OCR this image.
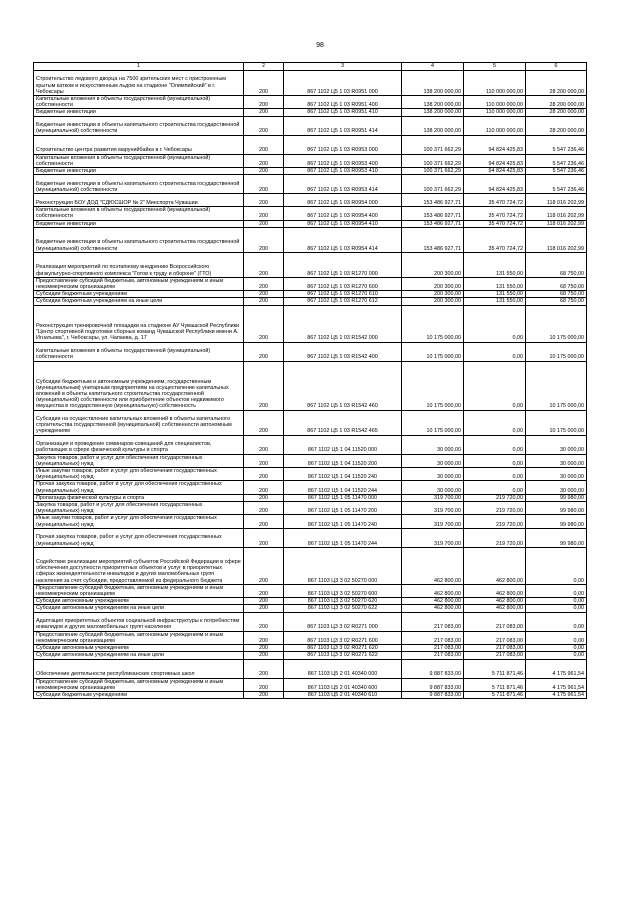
98
1	2	3	4	5	6
Строительство ледового дворца на 7500 зрительских мест с пристроенным крытым катком и искусственным льдом на стадионе "Олимпийский" в г. Чебоксары	200	867 1102 Ц5 1 03 R0951 000	138 200 000,00	110 000 000,00	28 200 000,00
Капитальные вложения в объекты государственной (муниципальной) собственности	200	867 1102 Ц5 1 03 R0951 400	138 200 000,00	110 000 000,00	28 200 000,00
Бюджетные инвестиции	200	867 1102 Ц5 1 03 R0951 410	138 200 000,00	110 000 000,00	28 200 000,00
Бюджетные инвестиции в объекты капитального строительства государственной (муниципальной) собственности	200	867 1102 Ц5 1 03 R0951 414	138 200 000,00	110 000 000,00	28 200 000,00
Строительство центра развития марунийбайка в г. Чебоксары	200	867 1102 Ц5 1 03 R0953 000	100 371 662,29	94 824 425,83	5 547 236,46
Капитальные вложения в объекты государственной (муниципальной) собственности	200	867 1102 Ц5 1 03 R0953 400	100 371 662,29	94 824 425,83	5 547 236,46
Бюджетные инвестиции	200	867 1102 Ц5 1 03 R0953 410	100 371 662,29	94 824 425,83	5 547 236,46
Бюджетные инвестиции в объекты капитального строительства государственной (муниципальной) собственности	200	867 1102 Ц5 1 03 R0953 414	100 371 662,29	94 824 425,83	5 547 236,46
Реконструкция БОУ ДОД "СДЮСШОР № 2" Минспорта Чувашии	200	867 1102 Ц5 1 03 R0954 000	153 486 927,71	35 470 724,72	118 016 202,99
Капитальные вложения в объекты государственной (муниципальной) собственности	200	867 1102 Ц5 1 03 R0954 400	153 486 927,71	35 470 724,72	118 016 202,99
Бюджетные инвестиции	200	867 1102 Ц5 1 03 R0954 410	153 486 927,71	35 470 724,72	118 016 202,99
Бюджетные инвестиции в объекты капитального строительства государственной (муниципальной) собственности	200	867 1102 Ц5 1 03 R0954 414	153 486 927,71	35 470 724,72	118 016 202,99
Реализация мероприятий по поэтапному внедрению Всероссийского физкультурно-спортивного комплекса "Готов к труду и обороне" (ГТО)	200	867 1102 Ц5 1 03 R1270 000	200 300,00	131 550,00	68 750,00
Предоставление субсидий бюджетным, автономным учреждениям и иным некоммерческим организациям	200	867 1102 Ц5 1 03 R1270 600	200 300,00	131 550,00	68 750,00
Субсидии бюджетным учреждениям	200	867 1102 Ц5 1 03 R1270 610	200 300,00	131 550,00	68 750,00
Субсидии бюджетным учреждениям на иные цели	200	867 1102 Ц5 1 03 R1270 612	200 300,00	131 550,00	68 750,00
Реконструкция тренировочной площадки на стадионе АУ Чувашской Республики "Центр спортивной подготовки сборных команд Чувашской Республики имени А. Игнатьева", г. Чебоксары, ул. Чапаева, д. 17	200	867 1102 Ц5 1 03 R1542 000	10 175 000,00	0,00	10 175 000,00
Капитальные вложения в объекты государственной (муниципальной) собственности	200	867 1102 Ц5 1 03 R1542 400	10 175 000,00	0,00	10 175 000,00
Субсидии бюджетным и автономным учреждениям, государственным (муниципальным) унитарным предприятиям на осуществление капитальных вложений в объекты капитального строительства государственной (муниципальной) собственности или приобретение объектов недвижимого имущества в государственную (муниципальную) собственность	200	867 1102 Ц5 1 03 R1542 460	10 175 000,00	0,00	10 175 000,00
Субсидии на осуществление капитальных вложений в объекты капитального строительства государственной (муниципальной) собственности автономным учреждениям	200	867 1102 Ц5 1 03 R1542 465	10 175 000,00	0,00	10 175 000,00
Организация и проведение семинаров-совещаний для специалистов, работающих в сфере физической культуры и спорта	200	867 1102 Ц5 1 04 11520 000	30 000,00	0,00	30 000,00
Закупка товаров, работ и услуг для обеспечения государственных (муниципальных) нужд	200	867 1102 Ц5 1 04 11520 200	30 000,00	0,00	30 000,00
Иные закупки товаров, работ и услуг для обеспечения государственных (муниципальных) нужд	200	867 1102 Ц5 1 04 11520 240	30 000,00	0,00	30 000,00
Прочая закупка товаров, работ и услуг для обеспечения государственных (муниципальных) нужд	200	867 1102 Ц5 1 04 11520 244	30 000,00	0,00	30 000,00
Пропаганда физической культуры и спорта	200	867 1102 Ц5 1 05 11470 000	319 700,00	219 720,00	99 980,00
Закупка товаров, работ и услуг для обеспечения государственных (муниципальных) нужд	200	867 1102 Ц5 1 05 11470 200	319 700,00	219 720,00	99 980,00
Иные закупки товаров, работ и услуг для обеспечения государственных (муниципальных) нужд	200	867 1102 Ц5 1 05 11470 240	319 700,00	219 720,00	99 980,00
Прочая закупка товаров, работ и услуг для обеспечения государственных (муниципальных) нужд	200	867 1102 Ц5 1 05 11470 244	319 700,00	219 720,00	99 980,00
Содействие реализации мероприятий субъектов Российской Федерации в сфере обеспечения доступности приоритетных объектов и услуг в приоритетных сферах жизнедеятельности инвалидов и других маломобильных групп населения за счет субсидии, предоставляемой из федерального бюджета	200	867 1103 Ц3 3 02 50270 000	462 800,00	462 800,00	0,00
Предоставление субсидий бюджетным, автономным учреждениям и иным некоммерческим организациям	200	867 1103 Ц3 3 02 50270 600	462 800,00	462 800,00	0,00
Субсидии автономным учреждениям	200	867 1103 Ц3 3 02 50270 620	462 800,00	462 800,00	0,00
Субсидии автономным учреждениям на иные цели	200	867 1103 Ц3 3 02 50270 622	462 800,00	462 800,00	0,00
Адаптация приоритетных объектов социальной инфраструктуры к потребностям инвалидов и других маломобильных групп населения	200	867 1103 Ц3 3 02 R0271 000	217 083,00	217 083,00	0,00
Предоставление субсидий бюджетным, автономным учреждениям и иным некоммерческим организациям	200	867 1103 Ц3 3 02 R0271 600	217 083,00	217 083,00	0,00
Субсидии автономным учреждениям	200	867 1103 Ц3 3 02 R0271 620	217 083,00	217 083,00	0,00
Субсидии автономным учреждениям на иные цели	200	867 1103 Ц3 3 02 R0271 622	217 083,00	217 083,00	0,00
Обеспечение деятельности республиканских спортивных школ	200	867 1103 Ц5 2 01 40340 000	9 887 833,00	5 711 871,46	4 175 961,54
Предоставление субсидий бюджетным, автономным учреждениям и иным некоммерческим организациям	200	867 1103 Ц5 2 01 40340 600	9 887 833,00	5 711 871,46	4 175 961,54
Субсидии бюджетным учреждениям	200	867 1103 Ц5 2 01 40340 610	9 887 833,00	5 711 871,46	4 175 961,54
